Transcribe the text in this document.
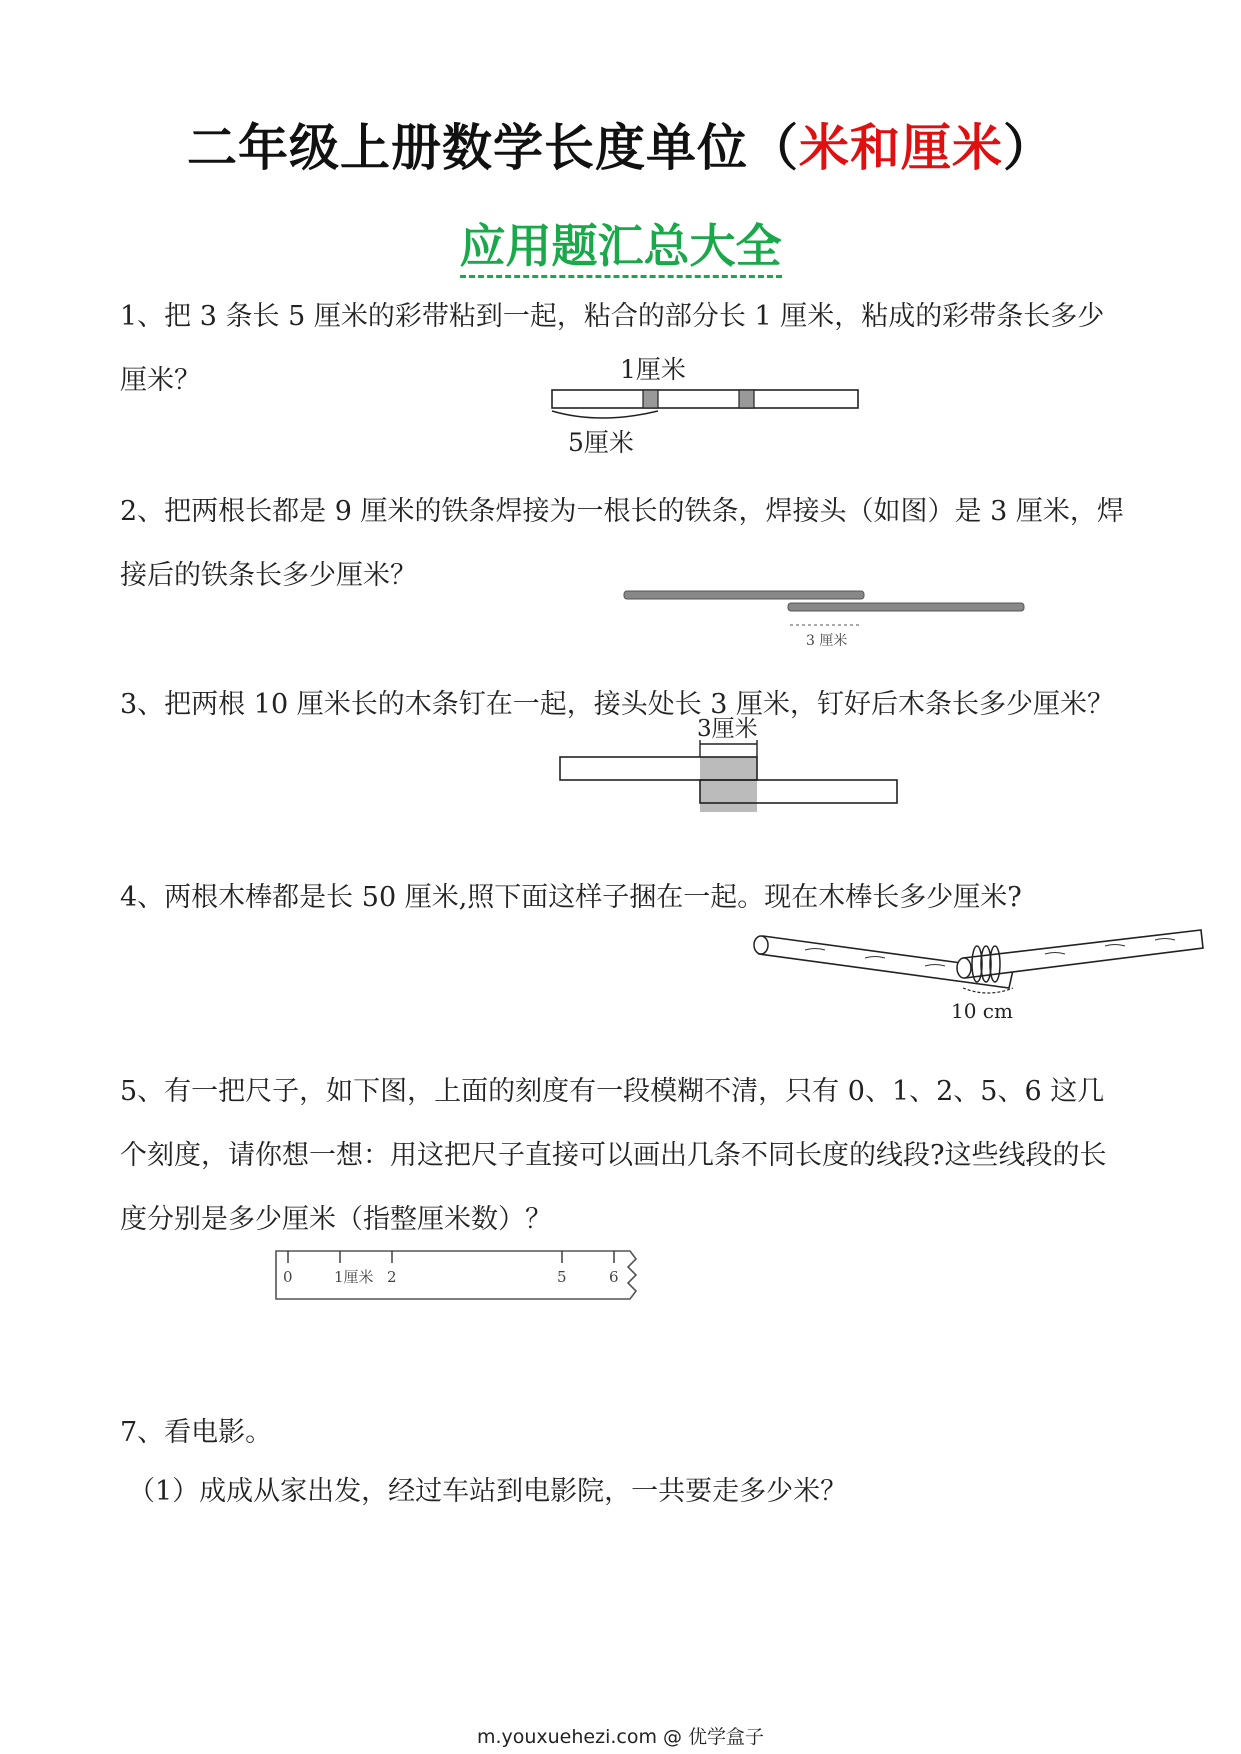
二年级上册数学长度单位（米和厘米）
应用题汇总大全
1、把 3 条长 5 厘米的彩带粘到一起，粘合的部分长 1 厘米，粘成的彩带条长多少厘米？	1厘米
5厘米
2、把两根长都是 9 厘米的铁条焊接为一根长的铁条，焊接头（如图）是 3 厘米，焊接后的铁条长多少厘米？
3 厘米
3、把两根 10 厘米长的木条钉在一起，接头处长 3 厘米，钉好后木条长多少厘米？
3厘米
4、两根木棒都是长 50 厘米,照下面这样子捆在一起。现在木棒长多少厘米?
10 cm
5、有一把尺子，如下图，上面的刻度有一段模糊不清，只有 0、1、2、5、6 这几个刻度，请你想一想：用这把尺子直接可以画出几条不同长度的线段?这些线段的长度分别是多少厘米（指整厘米数）？
0	1厘米 2	5	6
7、看电影。
（1）成成从家出发，经过车站到电影院，一共要走多少米？
m.youxuehezi.com @ 优学盒子
